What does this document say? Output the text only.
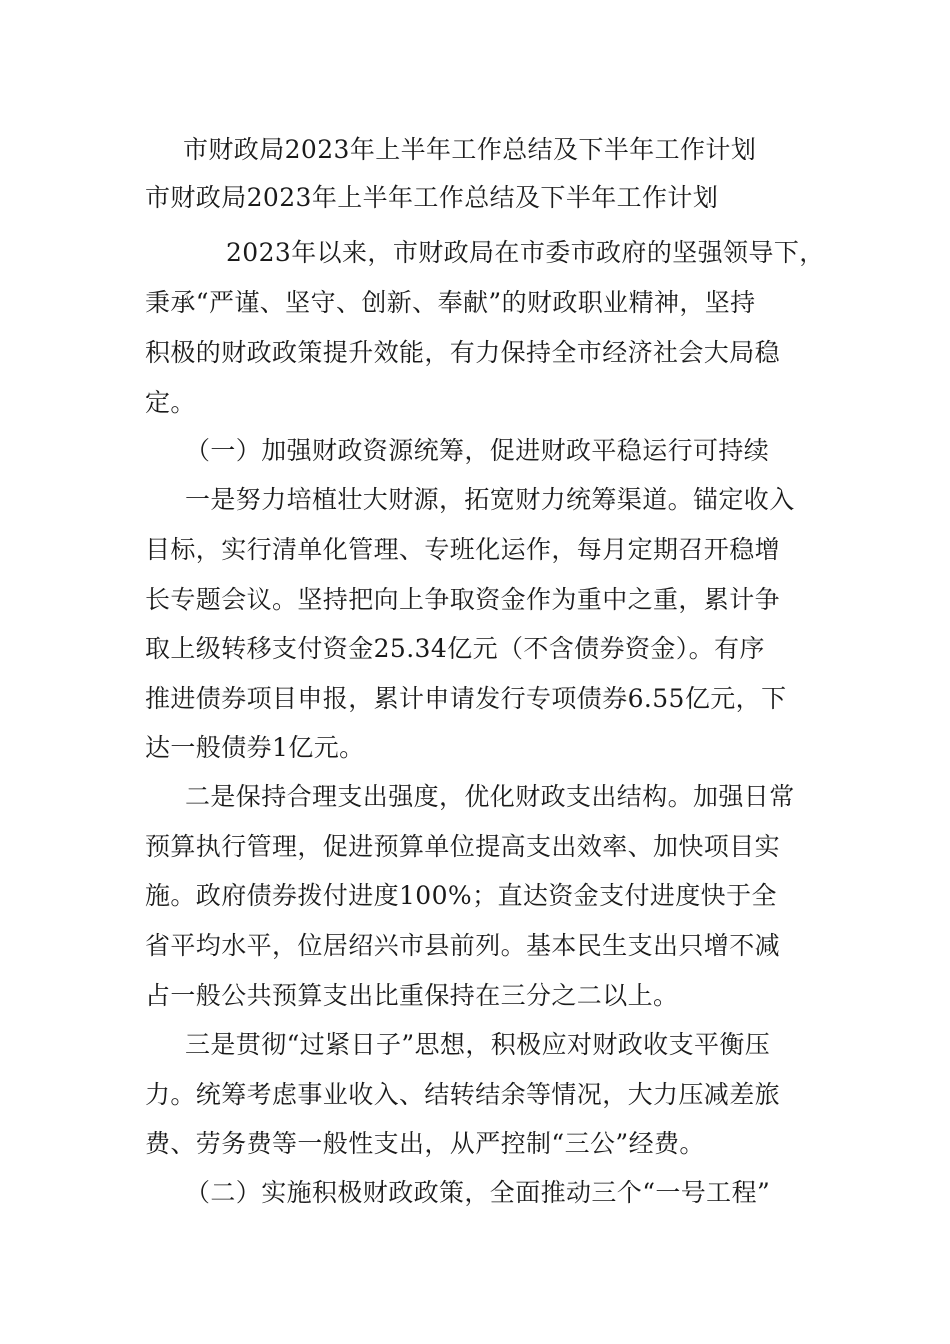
市财政局2023年上半年工作总结及下半年工作计划
市财政局2023年上半年工作总结及下半年工作计划
2023年以来，市财政局在市委市政府的坚强领导下，
秉承“严谨、坚守、创新、奉献”的财政职业精神，坚持
积极的财政政策提升效能，有力保持全市经济社会大局稳
定。
（一）加强财政资源统筹，促进财政平稳运行可持续
一是努力培植壮大财源，拓宽财力统筹渠道。锚定收入
目标，实行清单化管理、专班化运作，每月定期召开稳增
长专题会议。坚持把向上争取资金作为重中之重，累计争
取上级转移支付资金25.34亿元（不含债券资金）。有序
推进债券项目申报，累计申请发行专项债券6.55亿元，下
达一般债券1亿元。
二是保持合理支出强度，优化财政支出结构。加强日常
预算执行管理，促进预算单位提高支出效率、加快项目实
施。政府债券拨付进度100%；直达资金支付进度快于全
省平均水平，位居绍兴市县前列。基本民生支出只增不减
占一般公共预算支出比重保持在三分之二以上。
三是贯彻“过紧日子”思想，积极应对财政收支平衡压
力。统筹考虑事业收入、结转结余等情况，大力压减差旅
费、劳务费等一般性支出，从严控制“三公”经费。
（二）实施积极财政政策，全面推动三个“一号工程”
